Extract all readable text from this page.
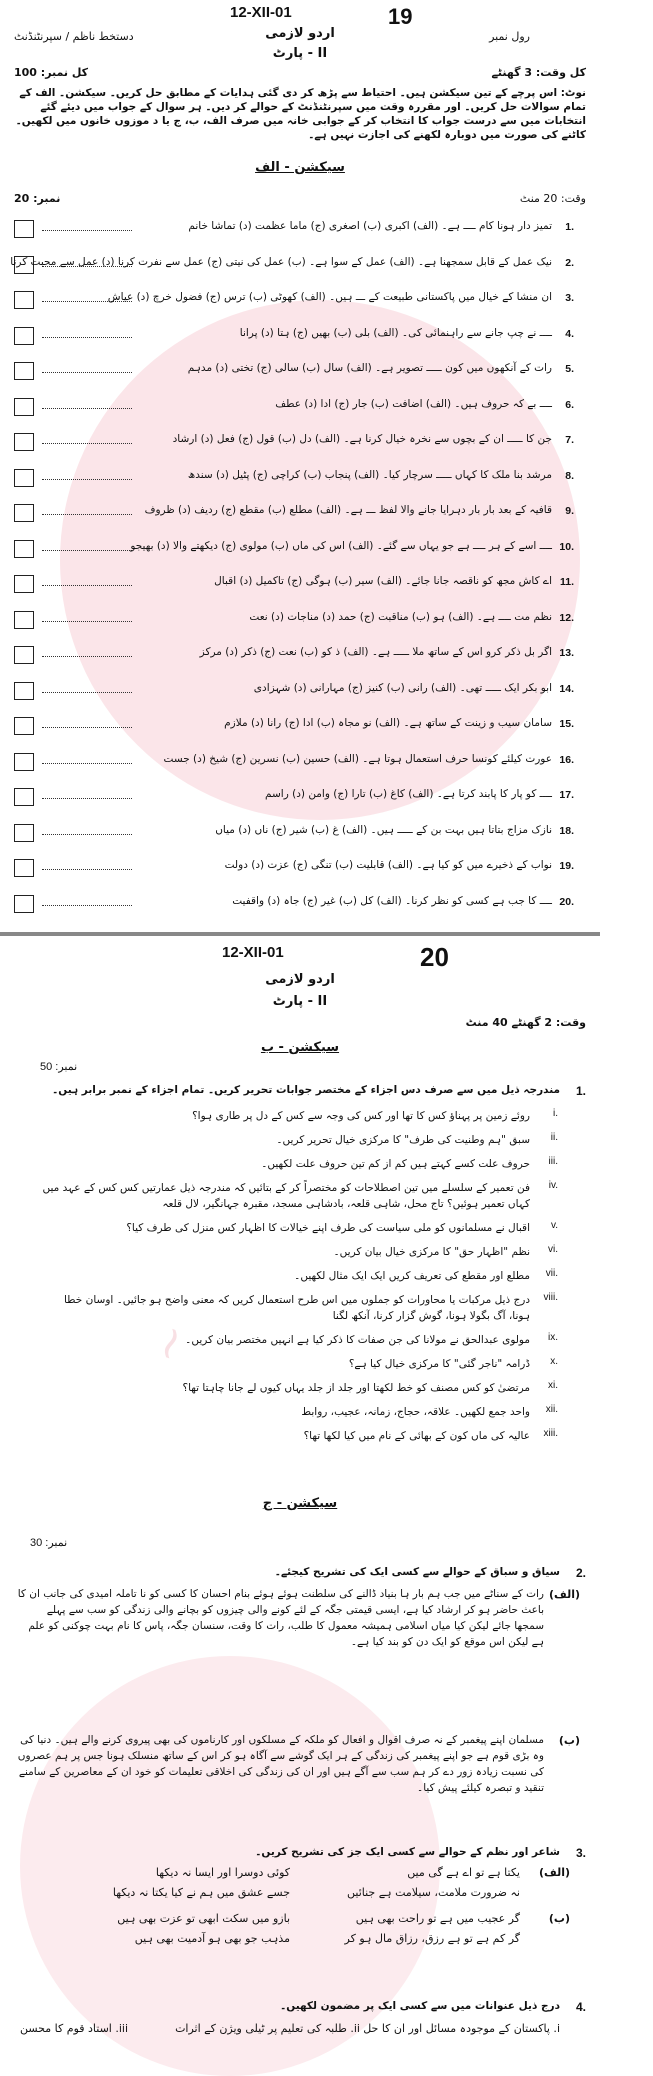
12-XII-01	19
اردو لازمی
پارٹ - II
دستخط ناظم / سپرنٹنڈنٹ	رول نمبر
کل وقت: 3 گھنٹے
کل نمبر: 100
نوٹ: اس پرچے کے تین سیکشن ہیں۔ احتیاط سے پڑھ کر دی گئی ہدایات کے مطابق حل کریں۔ سیکشن۔ الف کے تمام سوالات حل کریں۔ اور مقررہ وقت میں سپرنٹنڈنٹ کے حوالے کر دیں۔ ہر سوال کے جواب میں دیئے گئے انتخابات میں سے درست جواب کا انتخاب کر کے جوابی خانہ میں صرف الف، ب، ج یا د موزوں خانوں میں لکھیں۔ کاٹنے کی صورت میں دوبارہ لکھنے کی اجازت نہیں ہے۔
سیکشن - الف
وقت: 20 منٹ
نمبر: 20
تمیز دار ہونا کام ــــ ہے۔ (الف) اکبری (ب) اصغری (ج) ماما عظمت (د) تماشا خانم 1.
نیک عمل کے قابل سمجھنا ہے۔ (الف) عمل کے سوا ہے۔ (ب) عمل کی نیتی (ج) عمل سے نفرت کرنا (د) عمل سے محبت کرنا 2.
ان منشا کے خیال میں پاکستانی طبیعت کے ـــ ہیں۔ (الف) کھوٹی (ب) ترس (ج) فضول خرچ (د) عیاش 3.
ــــ نے چپ جانے سے راہنمائی کی۔ (الف) بلی (ب) بھیں (ج) ہتا (د) پرانا 4.
رات کے آنکھوں میں کون ـــــ تصویر ہے۔ (الف) سال (ب) سالی (ج) تختی (د) مدہم 5.
ــــ بے کہ حروف ہیں۔ (الف) اضافت (ب) جار (ج) ادا (د) عطف 6.
جن کا ـــــ ان کے بچوں سے نخرہ خیال کرنا ہے۔ (الف) دل (ب) قول (ج) فعل (د) ارشاد 7.
مرشد بنا ملک کا کہاں ـــــ سرچار کیا۔ (الف) پنجاب (ب) کراچی (ج) پٹیل (د) سندھ 8.
قافیہ کے بعد بار بار دہرایا جانے والا لفظ ـــ ہے۔ (الف) مطلع (ب) مقطع (ج) ردیف (د) ظروف 9.
ــــ اسے کے ہر ــــ ہے جو یہاں سے گئے۔ (الف) اس کی ماں (ب) مولوی (ج) دیکھتے والا (د) بھیجو 10.
اے کاش مجھ کو ناقصہ جانا جائے۔ (الف) سیر (ب) ہوگی (ج) تاکمیل (د) اقبال 11.
نظم مت ــــ ہے۔ (الف) ہو (ب) مناقبت (ج) حمد (د) مناجات (د) نعت 12.
اگر بل ذکر کرو اس کے ساتھ ملا ـــــ ہے۔ (الف) ذ کو (ب) نعت (ج) ذکر (د) مرکز 13.
ابو بکر ایک ـــــ تھی۔ (الف) رانی (ب) کنیز (ج) مہارانی (د) شہزادی 14.
سامان سیب و زینت کے ساتھ ہے۔ (الف) نو مجاہ (ب) ادا (ج) رانا (د) ملازم 15.
عورت کیلئے کونسا حرف استعمال ہوتا ہے۔ (الف) حسین (ب) نسرین (ج) شیخ (د) جست 16.
ــــ کو پار کا پابند کرتا ہے۔ (الف) کاغ (ب) تارا (ج) وامن (د) راسم 17.
نازک مزاج بتاتا ہیں بہت بن کے ـــــ ہیں۔ (الف) غ (ب) شیر (ج) ناں (د) میاں 18.
نواب کے ذخیرے میں کو کیا ہے۔ (الف) قابلیت (ب) تنگی (ج) عزت (د) دولت 19.
ــــ کا جب ہے کسی کو نظر کرنا۔ (الف) کل (ب) غیر (ج) جاہ (د) واقفیت 20.
~
12-XII-01	20
اردو لازمی
پارٹ - II
وقت: 2 گھنٹے 40 منٹ
سیکشن - ب
نمبر: 50
1.
مندرجہ ذیل میں سے صرف دس اجزاء کے مختصر جوابات تحریر کریں۔ تمام اجزاء کے نمبر برابر ہیں۔
i.
روئے زمین پر پہناؤ کس کا تھا اور کس کی وجہ سے کس کے دل پر طاری ہوا؟
ii.
سبق "ہم وطنیت کی طرف" کا مرکزی خیال تحریر کریں۔
iii.
حروف علت کسے کہتے ہیں کم از کم تین حروف علت لکھیں۔
iv.
فن تعمیر کے سلسلے میں تین اصطلاحات کو مختصراً کر کے بتائیں کہ مندرجہ ذیل عمارتیں کس کس کے عہد میں کہاں تعمیر ہوئیں؟ تاج محل، شاہی قلعہ، بادشاہی مسجد، مقبرہ جہانگیر، لال قلعہ
v.
اقبال نے مسلمانوں کو ملی سیاست کی طرف اپنے خیالات کا اظہار کس منزل کی طرف کیا؟
vi.
نظم "اظہار حق" کا مرکزی خیال بیان کریں۔
vii.
مطلع اور مقطع کی تعریف کریں ایک ایک مثال لکھیں۔
viii.
درج ذیل مرکبات یا محاورات کو جملوں میں اس طرح استعمال کریں کہ معنی واضح ہو جائیں۔ اوسان خطا ہونا، آگ بگولا ہونا، گوش گزار کرنا، آنکھ لگنا
ix.
مولوی عبدالحق نے مولانا کی جن صفات کا ذکر کیا ہے انہیں مختصر بیان کریں۔
x.
ڈرامہ "ناجر گئی" کا مرکزی خیال کیا ہے؟
xi.
مرتضیٰ کو کس مصنف کو خط لکھتا اور جلد از جلد یہاں کیوں لے جانا چاہتا تھا؟
xii.
واحد جمع لکھیں۔ علاقہ، حجاج، زمانہ، عجیب، روابط
xiii.
عالیہ کی ماں کون کے بھائی کے نام میں کیا لکھا تھا؟
سیکشن - ج
نمبر: 30
2.
سیاق و سباق کے حوالے سے کسی ایک کی تشریح کیجئے۔
(الف)
رات کے سناٹے میں جب ہم بار ہا بنیاد ڈالنے کی سلطنت ہوئے ہوئے بنام احسان کا کسی کو نا تاملہ امیدی کی جانب ان کا باعث حاضر ہو کر ارشاد کیا ہے، ایسی قیمتی جگہ کے لئے کونے والی چیزوں کو بچانے والی زندگی کو سب سے پہلے سمجھا جائے لیکن کیا میاں اسلامی ہمیشہ معمول کا طلب، رات کا وقت، سنسان جگہ، پاس کا نام بہت چوکنی کو علم ہے لیکن اس موقع کو ایک دن کو بند کیا ہے۔
(ب)
مسلمان اپنے پیغمبر کے نہ صرف اقوال و افعال کو ملکہ کے مسلکوں اور کارناموں کی بھی پیروی کرنے والے ہیں۔ دنیا کی وہ بڑی قوم ہے جو اپنے پیغمبر کی زندگی کے ہر ایک گوشے سے آگاہ ہو کر اس کے ساتھ منسلک ہونا جس پر ہم عصروں کی نسبت زیادہ زور دے کر ہم سب سے آگے ہیں اور ان کی زندگی کی اخلاقی تعلیمات کو خود ان کے معاصرین کے سامنے تنقید و تبصرہ کیلئے پیش کیا۔
3.
شاعر اور نظم کے حوالے سے کسی ایک جز کی تشریح کریں۔
(الف)
یکتا ہے تو اے ہے گی میں
کوئی دوسرا اور ایسا نہ دیکھا
نہ ضرورت ملامت، سیلامت ہے جنائیں
جسے عشق میں ہم نے کیا یکتا نہ دیکھا
(ب)
گر عجیب میں ہے تو راحت بھی ہیں
بازو میں سکت ابھی تو عزت بھی ہیں
گر کم ہے تو ہے رزق، رزاق مال ہو کر
مذہب جو بھی ہو آدمیت بھی ہیں
4.
درج ذیل عنوانات میں سے کسی ایک پر مضمون لکھیں۔
i. پاکستان کے موجودہ مسائل اور ان کا حل
ii. طلبہ کی تعلیم پر ٹیلی ویژن کے اثرات
iii. استاد قوم کا محسن
